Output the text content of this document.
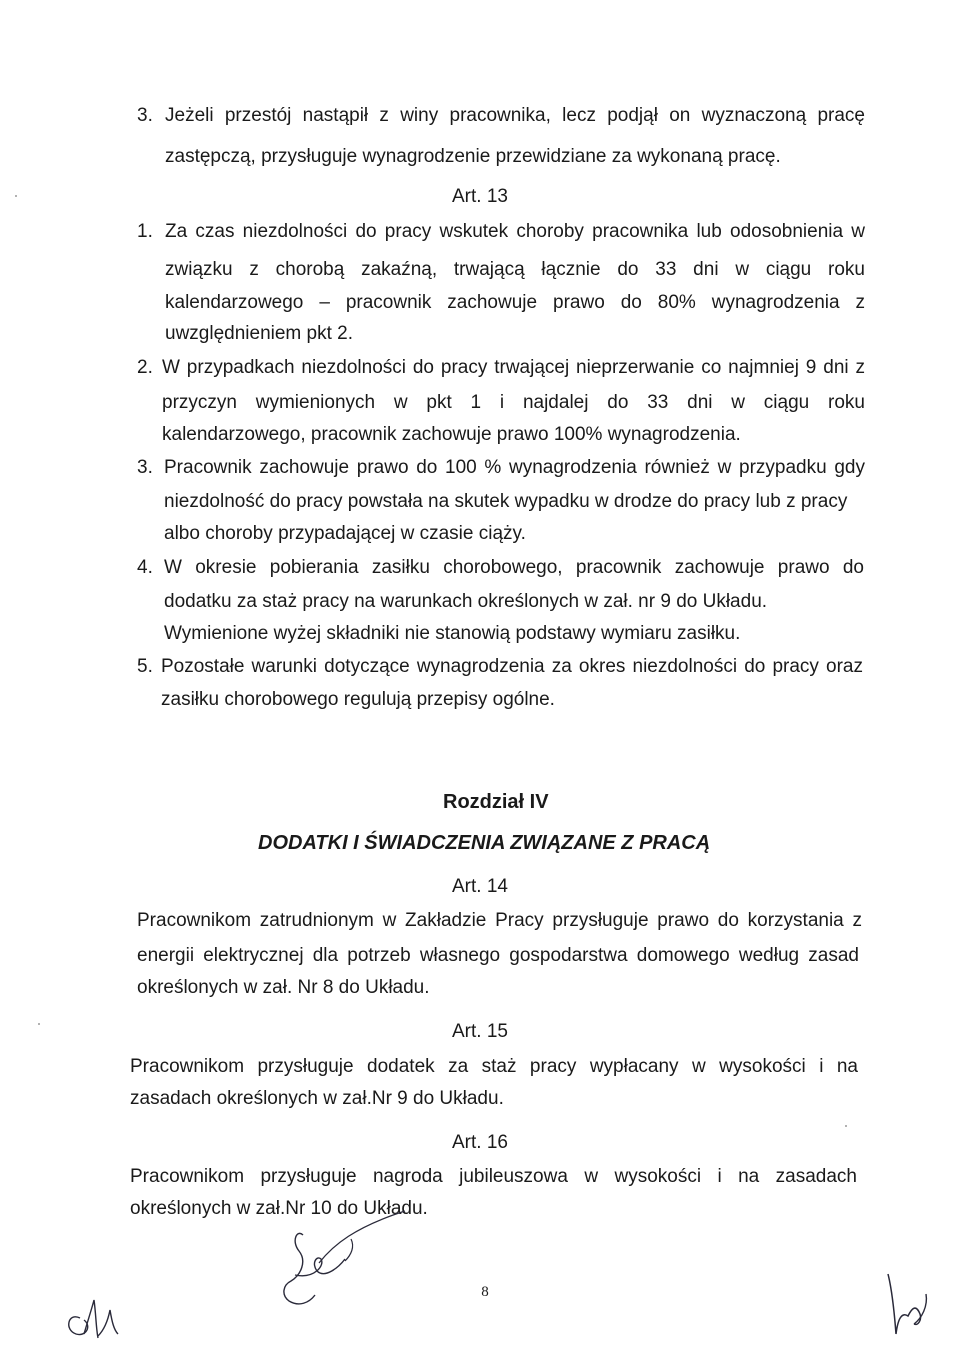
3. Jeżeli przestój nastąpił z winy pracownika, lecz podjął on wyznaczoną pracę
zastępczą, przysługuje wynagrodzenie przewidziane za wykonaną pracę.
Art. 13
1. Za czas niezdolności do pracy wskutek choroby pracownika lub odosobnienia w
związku z chorobą zakaźną, trwającą łącznie do 33 dni w ciągu roku
kalendarzowego – pracownik zachowuje prawo do 80% wynagrodzenia z
uwzględnieniem pkt 2.
2. W przypadkach niezdolności do pracy trwającej nieprzerwanie co najmniej 9 dni z
przyczyn wymienionych w pkt 1 i najdalej do 33 dni w ciągu roku
kalendarzowego, pracownik zachowuje prawo 100% wynagrodzenia.
3. Pracownik zachowuje prawo do 100 % wynagrodzenia również w przypadku gdy
niezdolność do pracy powstała na skutek wypadku w drodze do pracy lub z pracy
albo choroby przypadającej w czasie ciąży.
4. W okresie pobierania zasiłku chorobowego, pracownik zachowuje prawo do
dodatku za staż pracy na warunkach określonych w zał. nr 9 do Układu.
Wymienione wyżej składniki nie stanowią podstawy wymiaru zasiłku.
5. Pozostałe warunki dotyczące wynagrodzenia za okres niezdolności do pracy oraz
zasiłku chorobowego regulują przepisy ogólne.
Rozdział IV
DODATKI I ŚWIADCZENIA ZWIĄZANE Z PRACĄ
Art. 14
Pracownikom zatrudnionym w Zakładzie Pracy przysługuje prawo do korzystania z
energii elektrycznej dla potrzeb własnego gospodarstwa domowego według zasad
określonych w zał. Nr 8 do Układu.
Art. 15
Pracownikom przysługuje dodatek za staż pracy wypłacany w wysokości i na
zasadach określonych w zał.Nr 9 do Układu.
Art. 16
Pracownikom przysługuje nagroda jubileuszowa w wysokości i na zasadach
określonych w zał.Nr 10 do Układu.
8
